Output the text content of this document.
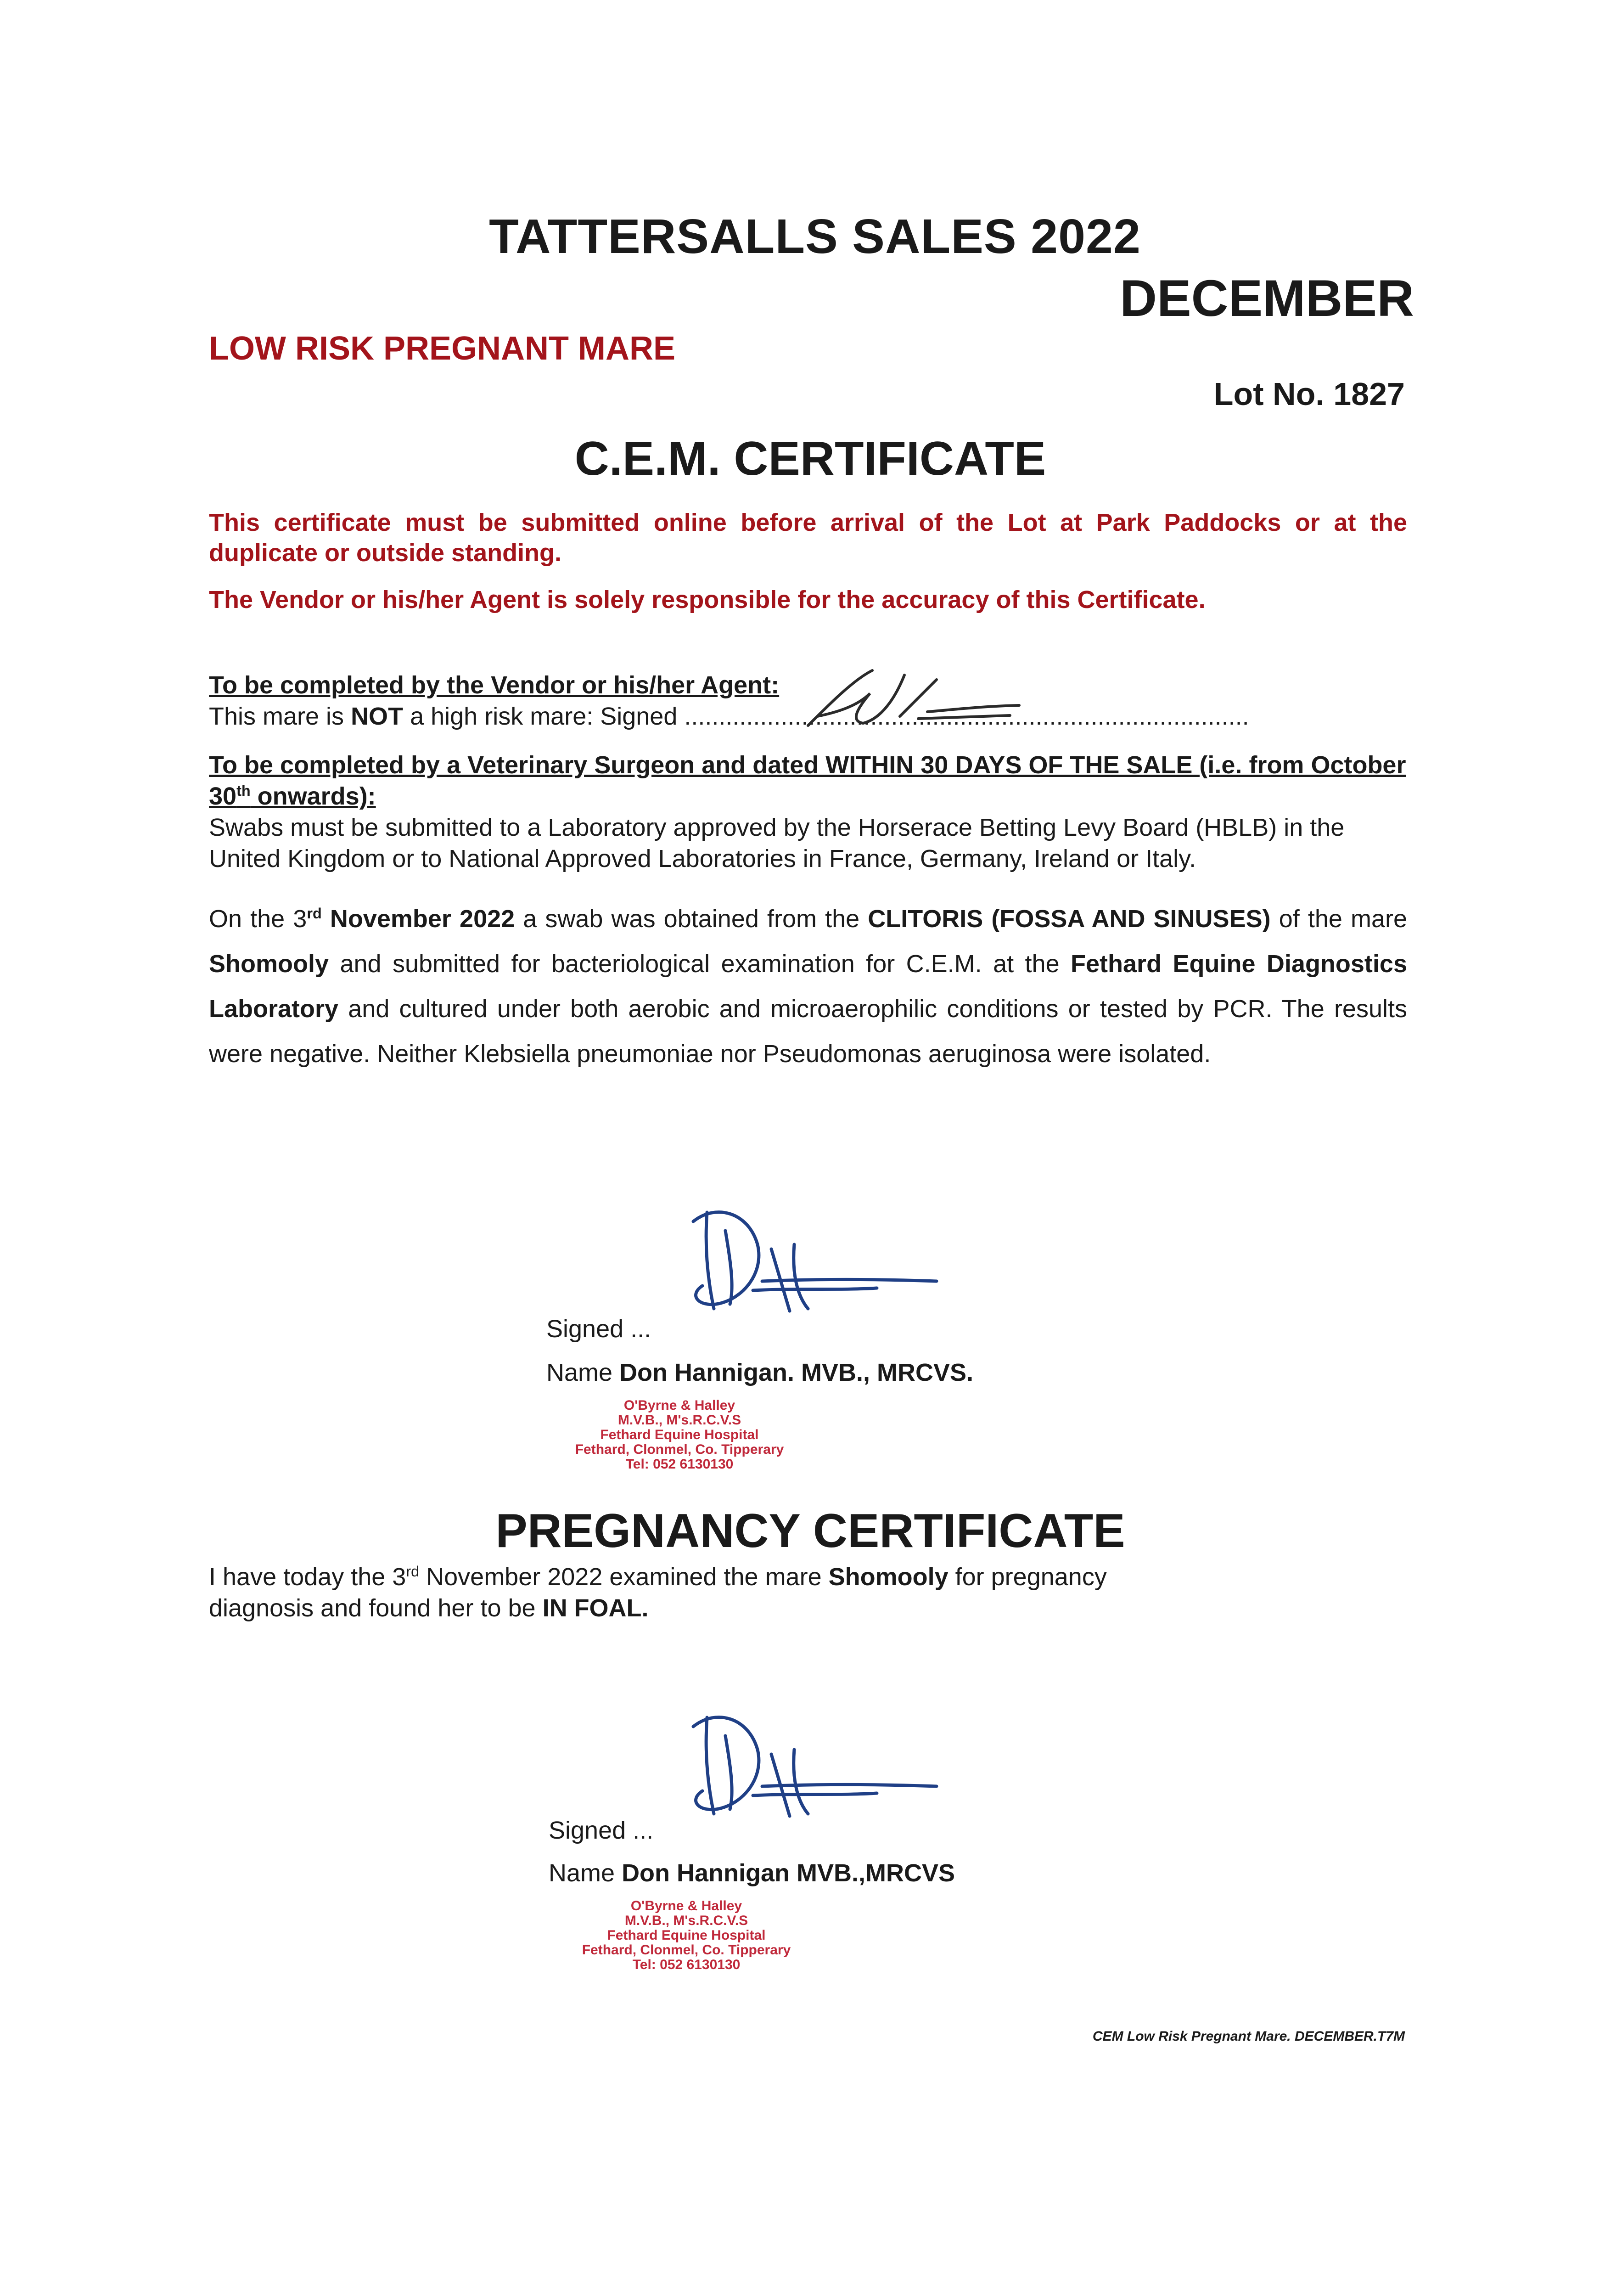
TATTERSALLS SALES 2022
DECEMBER
LOW RISK PREGNANT MARE
Lot No. 1827
C.E.M. CERTIFICATE
This certificate must be submitted online before arrival of the Lot at Park Paddocks or at the duplicate or outside standing.
The Vendor or his/her Agent is solely responsible for the accuracy of this Certificate.
To be completed by the Vendor or his/her Agent:
This mare is NOT a high risk mare: Signed ..................................................................................
To be completed by a Veterinary Surgeon and dated WITHIN 30 DAYS OF THE SALE (i.e. from October 30th onwards):
Swabs must be submitted to a Laboratory approved by the Horserace Betting Levy Board (HBLB) in the United Kingdom or to National Approved Laboratories in France, Germany, Ireland or Italy.
On the 3rd November 2022 a swab was obtained from the CLITORIS (FOSSA AND SINUSES) of the mare Shomooly and submitted for bacteriological examination for C.E.M. at the Fethard Equine Diagnostics Laboratory and cultured under both aerobic and microaerophilic conditions or tested by PCR. The results were negative. Neither Klebsiella pneumoniae nor Pseudomonas aeruginosa were isolated.
Signed ...
Name Don Hannigan. MVB., MRCVS.
O'Byrne & Halley
M.V.B., M's.R.C.V.S
Fethard Equine Hospital
Fethard, Clonmel, Co. Tipperary
Tel: 052 6130130
PREGNANCY CERTIFICATE
I have today the 3rd November 2022 examined the mare Shomooly for pregnancy diagnosis and found her to be IN FOAL.
Signed ...
Name Don Hannigan MVB.,MRCVS
O'Byrne & Halley
M.V.B., M's.R.C.V.S
Fethard Equine Hospital
Fethard, Clonmel, Co. Tipperary
Tel: 052 6130130
CEM Low Risk Pregnant Mare. DECEMBER.T7M
